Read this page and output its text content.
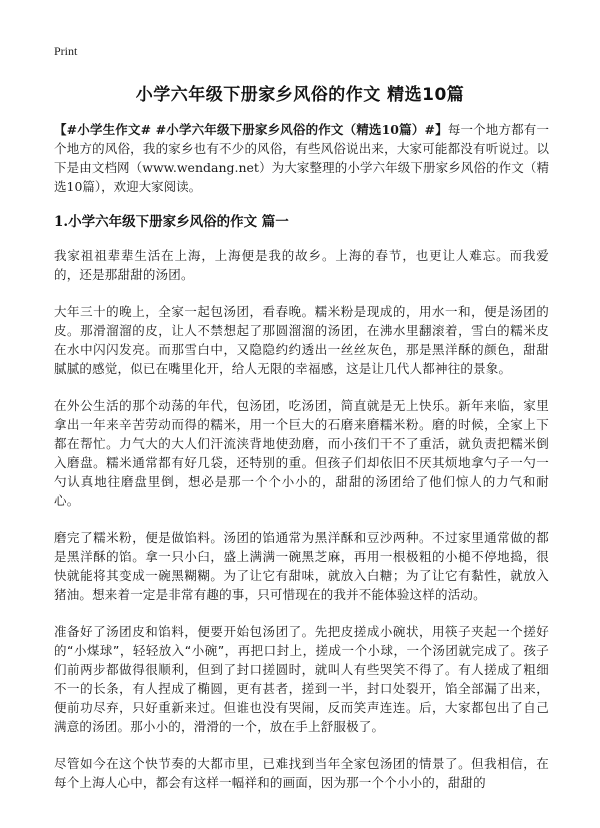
Print
小学六年级下册家乡风俗的作文 精选10篇

【#小学生作文# #小学六年级下册家乡风俗的作文（精选10篇）#】每一个地方都有一个地方的风俗，我的家乡也有不少的风俗，有些风俗说出来，大家可能都没有听说过。以下是由文档网（www.wendang.net）为大家整理的小学六年级下册家乡风俗的作文（精选10篇），欢迎大家阅读。

1.小学六年级下册家乡风俗的作文 篇一

我家祖祖辈辈生活在上海，上海便是我的故乡。上海的春节，也更让人难忘。而我爱的，还是那甜甜的汤团。

大年三十的晚上，全家一起包汤团，看春晚。糯米粉是现成的，用水一和，便是汤团的皮。那滑溜溜的皮，让人不禁想起了那圆溜溜的汤团，在沸水里翻滚着，雪白的糯米皮在水中闪闪发亮。而那雪白中，又隐隐约约透出一丝丝灰色，那是黑洋酥的颜色，甜甜腻腻的感觉，似已在嘴里化开，给人无限的幸福感，这是让几代人都神往的景象。

在外公生活的那个动荡的年代，包汤团，吃汤团，简直就是无上快乐。新年来临，家里拿出一年来辛苦劳动而得的糯米，用一个巨大的石磨来磨糯米粉。磨的时候，全家上下都在帮忙。力气大的大人们汗流浃背地使劲磨，而小孩们干不了重活，就负责把糯米倒入磨盘。糯米通常都有好几袋，还特别的重。但孩子们却依旧不厌其烦地拿勺子一勺一勺认真地往磨盘里倒，想必是那一个个小小的，甜甜的汤团给了他们惊人的力气和耐心。

磨完了糯米粉，便是做馅料。汤团的馅通常为黑洋酥和豆沙两种。不过家里通常做的都是黑洋酥的馅。拿一只小臼，盛上满满一碗黑芝麻，再用一根极粗的小槌不停地捣，很快就能将其变成一碗黑糊糊。为了让它有甜味，就放入白糖；为了让它有黏性，就放入猪油。想来着一定是非常有趣的事，只可惜现在的我并不能体验这样的活动。

准备好了汤团皮和馅料，便要开始包汤团了。先把皮搓成小碗状，用筷子夹起一个搓好的“小煤球”，轻轻放入“小碗”，再把口封上，搓成一个小球，一个汤团就完成了。孩子们前两步都做得很顺利，但到了封口搓圆时，就叫人有些哭笑不得了。有人搓成了粗细不一的长条，有人捏成了椭圆，更有甚者，搓到一半，封口处裂开，馅全部漏了出来，便前功尽弃，只好重新来过。但谁也没有哭闹，反而笑声连连。后，大家都包出了自己满意的汤团。那小小的，滑滑的一个，放在手上舒服极了。

尽管如今在这个快节奏的大都市里，已难找到当年全家包汤团的情景了。但我相信，在每个上海人心中，都会有这样一幅祥和的画面，因为那一个个小小的，甜甜的
